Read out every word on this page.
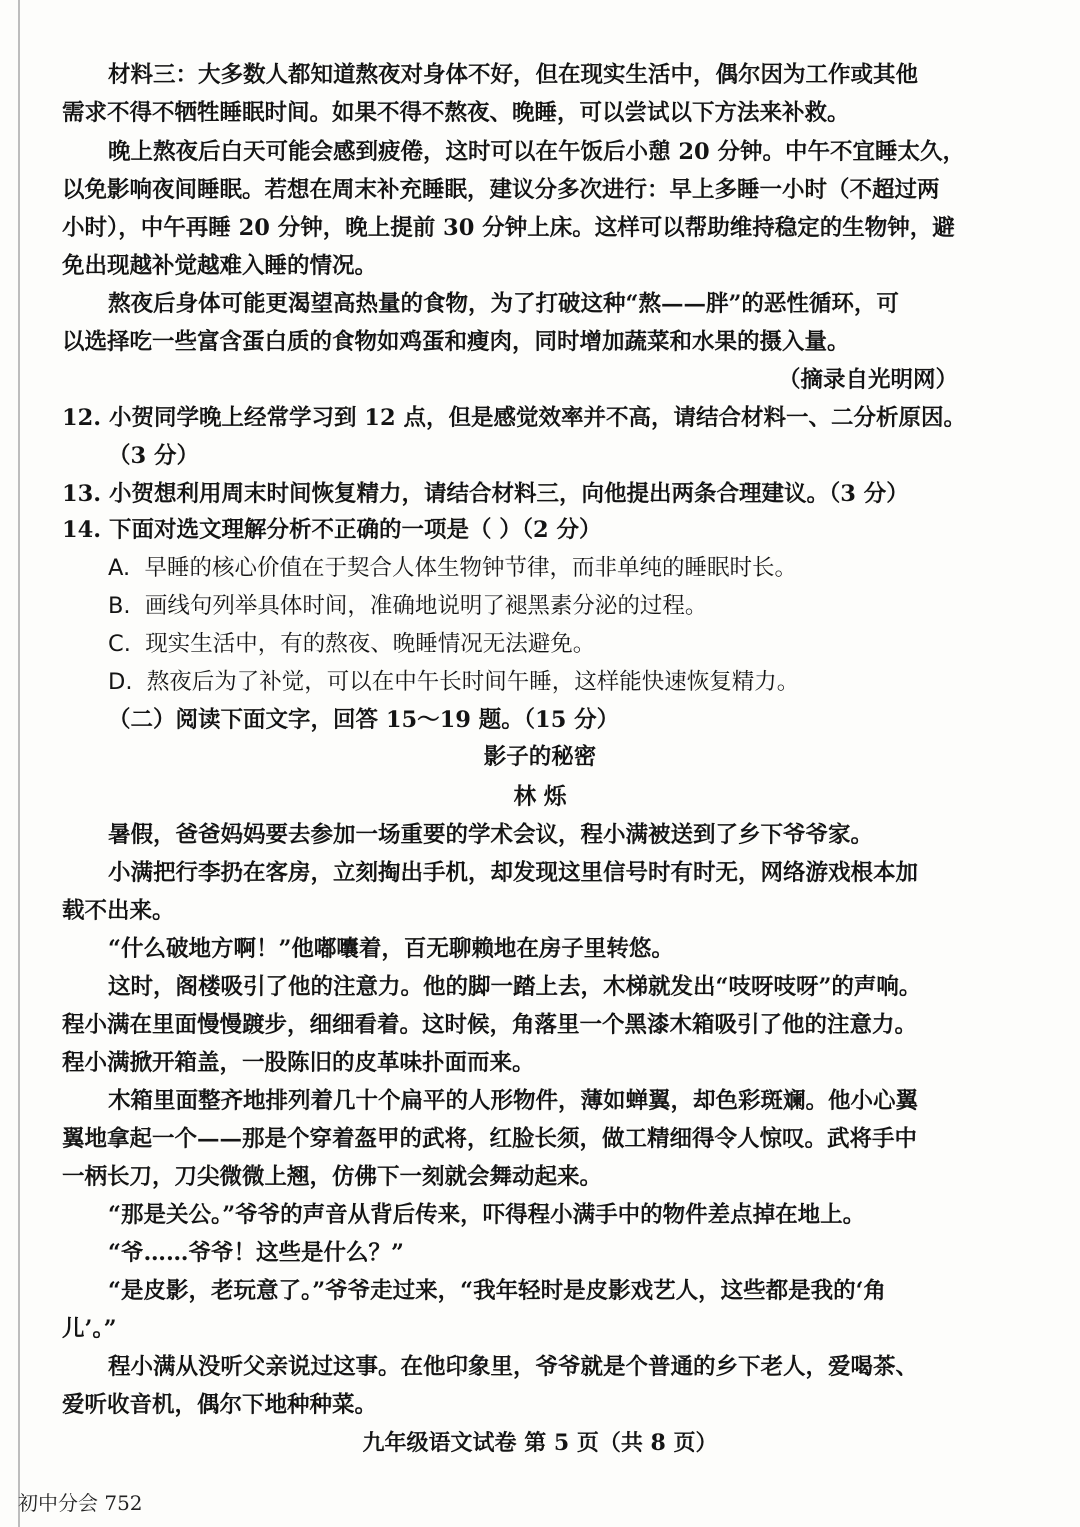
材料三：大多数人都知道熬夜对身体不好，但在现实生活中，偶尔因为工作或其他
需求不得不牺牲睡眠时间。如果不得不熬夜、晚睡，可以尝试以下方法来补救。
晚上熬夜后白天可能会感到疲倦，这时可以在午饭后小憩 20 分钟。中午不宜睡太久，
以免影响夜间睡眠。若想在周末补充睡眠，建议分多次进行：早上多睡一小时（不超过两
小时），中午再睡 20 分钟，晚上提前 30 分钟上床。这样可以帮助维持稳定的生物钟，避
免出现越补觉越难入睡的情况。
熬夜后身体可能更渴望高热量的食物，为了打破这种“熬——胖”的恶性循环，可
以选择吃一些富含蛋白质的食物如鸡蛋和瘦肉，同时增加蔬菜和水果的摄入量。
（摘录自光明网）
12. 小贺同学晚上经常学习到 12 点，但是感觉效率并不高，请结合材料一、二分析原因。
（3 分）
13. 小贺想利用周末时间恢复精力，请结合材料三，向他提出两条合理建议。（3 分）
14. 下面对选文理解分析不正确的一项是（ ）（2 分）
A. 早睡的核心价值在于契合人体生物钟节律，而非单纯的睡眠时长。
B. 画线句列举具体时间，准确地说明了褪黑素分泌的过程。
C. 现实生活中，有的熬夜、晚睡情况无法避免。
D. 熬夜后为了补觉，可以在中午长时间午睡，这样能快速恢复精力。
（二）阅读下面文字，回答 15～19 题。（15 分）
影子的秘密
林 烁
暑假，爸爸妈妈要去参加一场重要的学术会议，程小满被送到了乡下爷爷家。
小满把行李扔在客房，立刻掏出手机，却发现这里信号时有时无，网络游戏根本加
载不出来。
“什么破地方啊！”他嘟囔着，百无聊赖地在房子里转悠。
这时，阁楼吸引了他的注意力。他的脚一踏上去，木梯就发出“吱呀吱呀”的声响。
程小满在里面慢慢踱步，细细看着。这时候，角落里一个黑漆木箱吸引了他的注意力。
程小满掀开箱盖，一股陈旧的皮革味扑面而来。
木箱里面整齐地排列着几十个扁平的人形物件，薄如蝉翼，却色彩斑斓。他小心翼
翼地拿起一个——那是个穿着盔甲的武将，红脸长须，做工精细得令人惊叹。武将手中
一柄长刀，刀尖微微上翘，仿佛下一刻就会舞动起来。
“那是关公。”爷爷的声音从背后传来，吓得程小满手中的物件差点掉在地上。
“爷……爷爷！这些是什么？”
“是皮影，老玩意了。”爷爷走过来，“我年轻时是皮影戏艺人，这些都是我的‘角
儿’。”
程小满从没听父亲说过这事。在他印象里，爷爷就是个普通的乡下老人，爱喝茶、
爱听收音机，偶尔下地种种菜。
九年级语文试卷 第 5 页（共 8 页）
初中分会 752
